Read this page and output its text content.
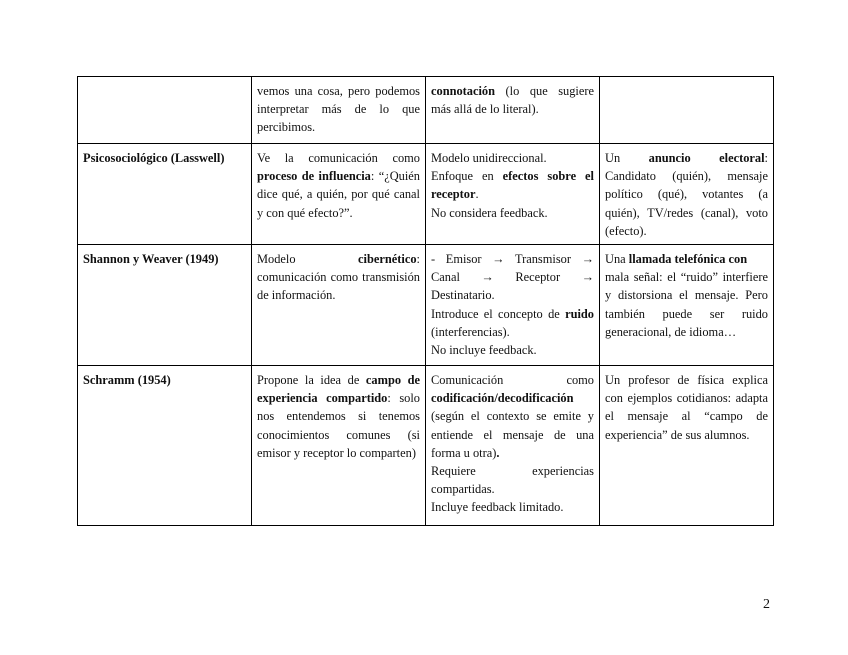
	vemos una cosa, pero podemos interpretar más de lo que percibimos.	connotación (lo que sugiere más allá de lo literal).	
Psicosociológico (Lasswell)	Ve la comunicación como proceso de influencia: “¿Quién dice qué, a quién, por qué canal y con qué efecto?”.	Modelo unidireccional.
Enfoque en efectos sobre el receptor.
No considera feedback.	Un anuncio electoral: Candidato (quién), mensaje político (qué), votantes (a quién), TV/redes (canal), voto (efecto).
Shannon y Weaver (1949)	Modelo cibernético: comunicación como transmisión de información.	- Emisor → Transmisor → Canal → Receptor → Destinatario.
Introduce el concepto de ruido (interferencias).
No incluye feedback.	Una llamada telefónica con
mala señal: el “ruido” interfiere y distorsiona el mensaje. Pero también puede ser ruido generacional, de idioma…

Schramm (1954)	Propone la idea de campo de experiencia compartido: solo nos entendemos si tenemos conocimientos comunes (si emisor y receptor lo comparten)	Comunicación como codificación/decodificación (según el contexto se emite y entiende el mensaje de una forma u otra).
Requiere experiencias compartidas.
Incluye feedback limitado.	Un profesor de física explica con ejemplos cotidianos: adapta el mensaje al “campo de experiencia” de sus alumnos.
2
